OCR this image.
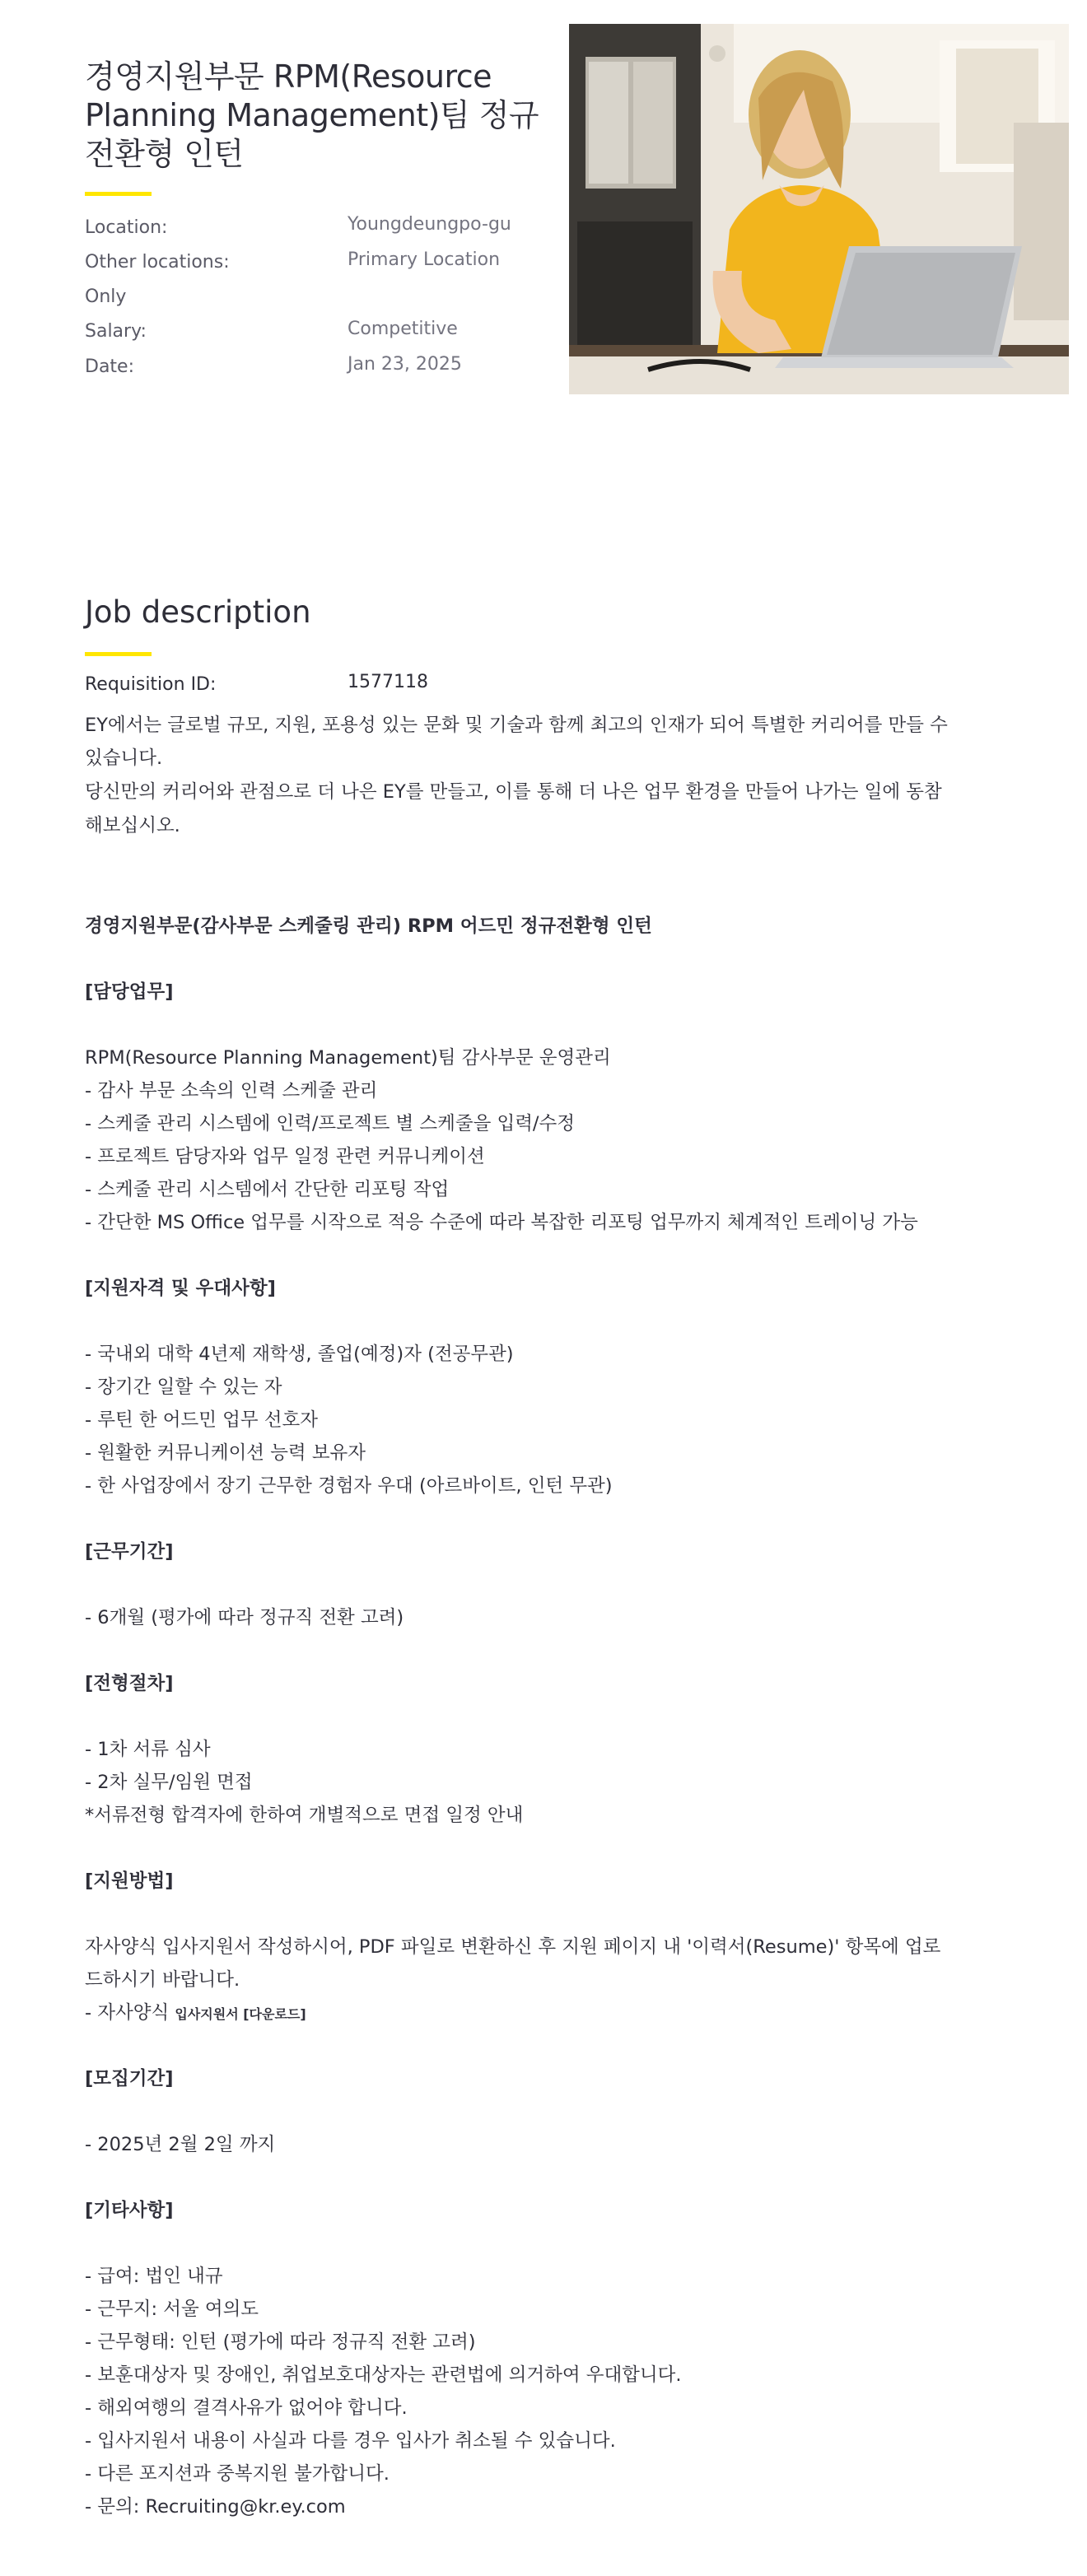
경영지원부문 RPM(Resource
Planning Management)팀 정규
전환형 인턴
Location:	Youngdeungpo-gu
Other locations:	Primary Location
Only
Salary:	Competitive
Date:	Jan 23, 2025
Job description
Requisition ID:	1577118
EY에서는 글로벌 규모, 지원, 포용성 있는 문화 및 기술과 함께 최고의 인재가 되어 특별한 커리어를 만들 수
있습니다.
당신만의 커리어와 관점으로 더 나은 EY를 만들고, 이를 통해 더 나은 업무 환경을 만들어 나가는 일에 동참
해보십시오.
경영지원부문(감사부문 스케줄링 관리) RPM 어드민 정규전환형 인턴
[담당업무]
RPM(Resource Planning Management)팀 감사부문 운영관리
- 감사 부문 소속의 인력 스케줄 관리
- 스케줄 관리 시스템에 인력/프로젝트 별 스케줄을 입력/수정
- 프로젝트 담당자와 업무 일정 관련 커뮤니케이션
- 스케줄 관리 시스템에서 간단한 리포팅 작업
- 간단한 MS Office 업무를 시작으로 적응 수준에 따라 복잡한 리포팅 업무까지 체계적인 트레이닝 가능
[지원자격 및 우대사항]
- 국내외 대학 4년제 재학생, 졸업(예정)자 (전공무관)
- 장기간 일할 수 있는 자
- 루틴 한 어드민 업무 선호자
- 원활한 커뮤니케이션 능력 보유자
- 한 사업장에서 장기 근무한 경험자 우대 (아르바이트, 인턴 무관)
[근무기간]
- 6개월 (평가에 따라 정규직 전환 고려)
[전형절차]
- 1차 서류 심사
- 2차 실무/임원 면접
*서류전형 합격자에 한하여 개별적으로 면접 일정 안내
[지원방법]
자사양식 입사지원서 작성하시어, PDF 파일로 변환하신 후 지원 페이지 내 '이력서(Resume)' 항목에 업로
드하시기 바랍니다.
- 자사양식 입사지원서 [다운로드]
[모집기간]
- 2025년 2월 2일 까지
[기타사항]
- 급여: 법인 내규
- 근무지: 서울 여의도
- 근무형태: 인턴 (평가에 따라 정규직 전환 고려)
- 보훈대상자 및 장애인, 취업보호대상자는 관련법에 의거하여 우대합니다.
- 해외여행의 결격사유가 없어야 합니다.
- 입사지원서 내용이 사실과 다를 경우 입사가 취소될 수 있습니다.
- 다른 포지션과 중복지원 불가합니다.
- 문의: Recruiting@kr.ey.com
